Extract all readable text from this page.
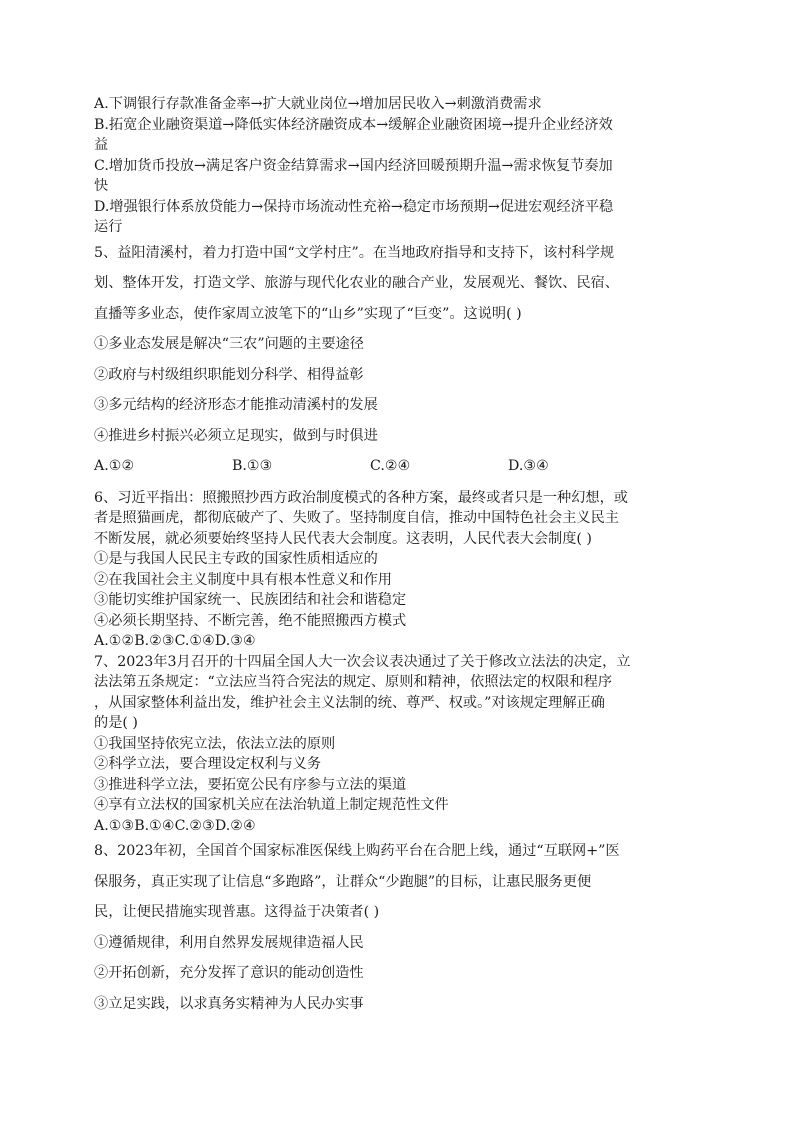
A.下调银行存款准备金率→扩大就业岗位→增加居民收入→刺激消费需求
B.拓宽企业融资渠道→降低实体经济融资成本→缓解企业融资困境→提升企业经济效
益
C.增加货币投放→满足客户资金结算需求→国内经济回暖预期升温→需求恢复节奏加
快
D.增强银行体系放贷能力→保持市场流动性充裕→稳定市场预期→促进宏观经济平稳
运行
5、益阳清溪村，着力打造中国“文学村庄”。在当地政府指导和支持下，该村科学规
划、整体开发，打造文学、旅游与现代化农业的融合产业，发展观光、餐饮、民宿、
直播等多业态，使作家周立波笔下的“山乡”实现了“巨变”。这说明( )
①多业态发展是解决“三农”问题的主要途径
②政府与村级组织职能划分科学、相得益彰
③多元结构的经济形态才能推动清溪村的发展
④推进乡村振兴必须立足现实，做到与时俱进
A.①②	B.①③	C.②④	D.③④
6、习近平指出：照搬照抄西方政治制度模式的各种方案，最终或者只是一种幻想，或
者是照猫画虎，都彻底破产了、失败了。坚持制度自信，推动中国特色社会主义民主
不断发展，就必须要始终坚持人民代表大会制度。这表明，人民代表大会制度( )
①是与我国人民民主专政的国家性质相适应的
②在我国社会主义制度中具有根本性意义和作用
③能切实维护国家统一、民族团结和社会和谐稳定
④必须长期坚持、不断完善，绝不能照搬西方模式
A.①②B.②③C.①④D.③④
7、2023年3月召开的十四届全国人大一次会议表决通过了关于修改立法法的决定，立
法法第五条规定：“立法应当符合宪法的规定、原则和精神，依照法定的权限和程序
，从国家整体利益出发，维护社会主义法制的统、尊严、权或。”对该规定理解正确
的是( )
①我国坚持依宪立法，依法立法的原则
②科学立法，要合理设定权利与义务
③推进科学立法，要拓宽公民有序参与立法的渠道
④享有立法权的国家机关应在法治轨道上制定规范性文件
A.①③B.①④C.②③D.②④
8、2023年初，全国首个国家标准医保线上购药平台在合肥上线，通过“互联网+”医
保服务，真正实现了让信息“多跑路”，让群众“少跑腿”的目标，让惠民服务更便
民，让便民措施实现普惠。这得益于决策者( )
①遵循规律，利用自然界发展规律造福人民
②开拓创新，充分发挥了意识的能动创造性
③立足实践，以求真务实精神为人民办实事
